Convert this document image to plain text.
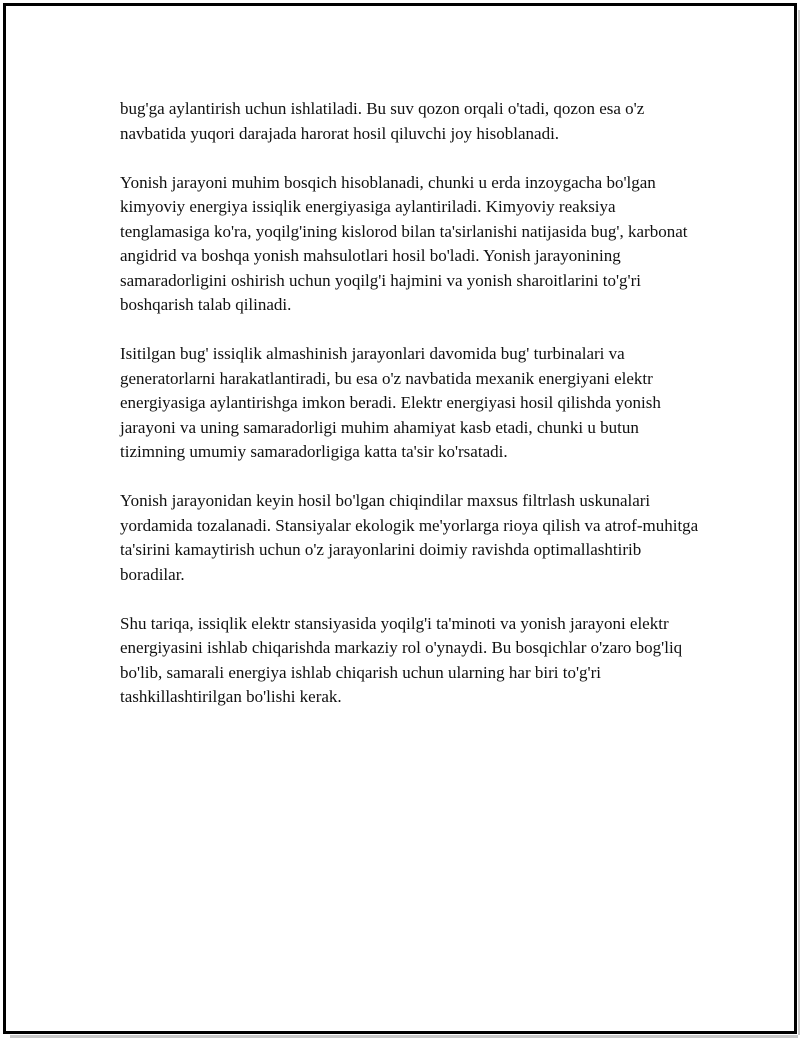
bug'ga aylantirish uchun ishlatiladi. Bu suv qozon orqali o'tadi, qozon esa o'z navbatida yuqori darajada harorat hosil qiluvchi joy hisoblanadi.

Yonish jarayoni muhim bosqich hisoblanadi, chunki u erda inzoygacha bo'lgan kimyoviy energiya issiqlik energiyasiga aylantiriladi. Kimyoviy reaksiya tenglamasiga ko'ra, yoqilg'ining kislorod bilan ta'sirlanishi natijasida bug', karbonat angidrid va boshqa yonish mahsulotlari hosil bo'ladi. Yonish jarayonining samaradorligini oshirish uchun yoqilg'i hajmini va yonish sharoitlarini to'g'ri boshqarish talab qilinadi.

Isitilgan bug' issiqlik almashinish jarayonlari davomida bug' turbinalari va generatorlarni harakatlantiradi, bu esa o'z navbatida mexanik energiyani elektr energiyasiga aylantirishga imkon beradi. Elektr energiyasi hosil qilishda yonish jarayoni va uning samaradorligi muhim ahamiyat kasb etadi, chunki u butun tizimning umumiy samaradorligiga katta ta'sir ko'rsatadi.

Yonish jarayonidan keyin hosil bo'lgan chiqindilar maxsus filtrlash uskunalari yordamida tozalanadi. Stansiyalar ekologik me'yorlarga rioya qilish va atrof-muhitga ta'sirini kamaytirish uchun o'z jarayonlarini doimiy ravishda optimallashtirib boradilar.

Shu tariqa, issiqlik elektr stansiyasida yoqilg'i ta'minoti va yonish jarayoni elektr energiyasini ishlab chiqarishda markaziy rol o'ynaydi. Bu bosqichlar o'zaro bog'liq bo'lib, samarali energiya ishlab chiqarish uchun ularning har biri to'g'ri tashkillashtirilgan bo'lishi kerak.
